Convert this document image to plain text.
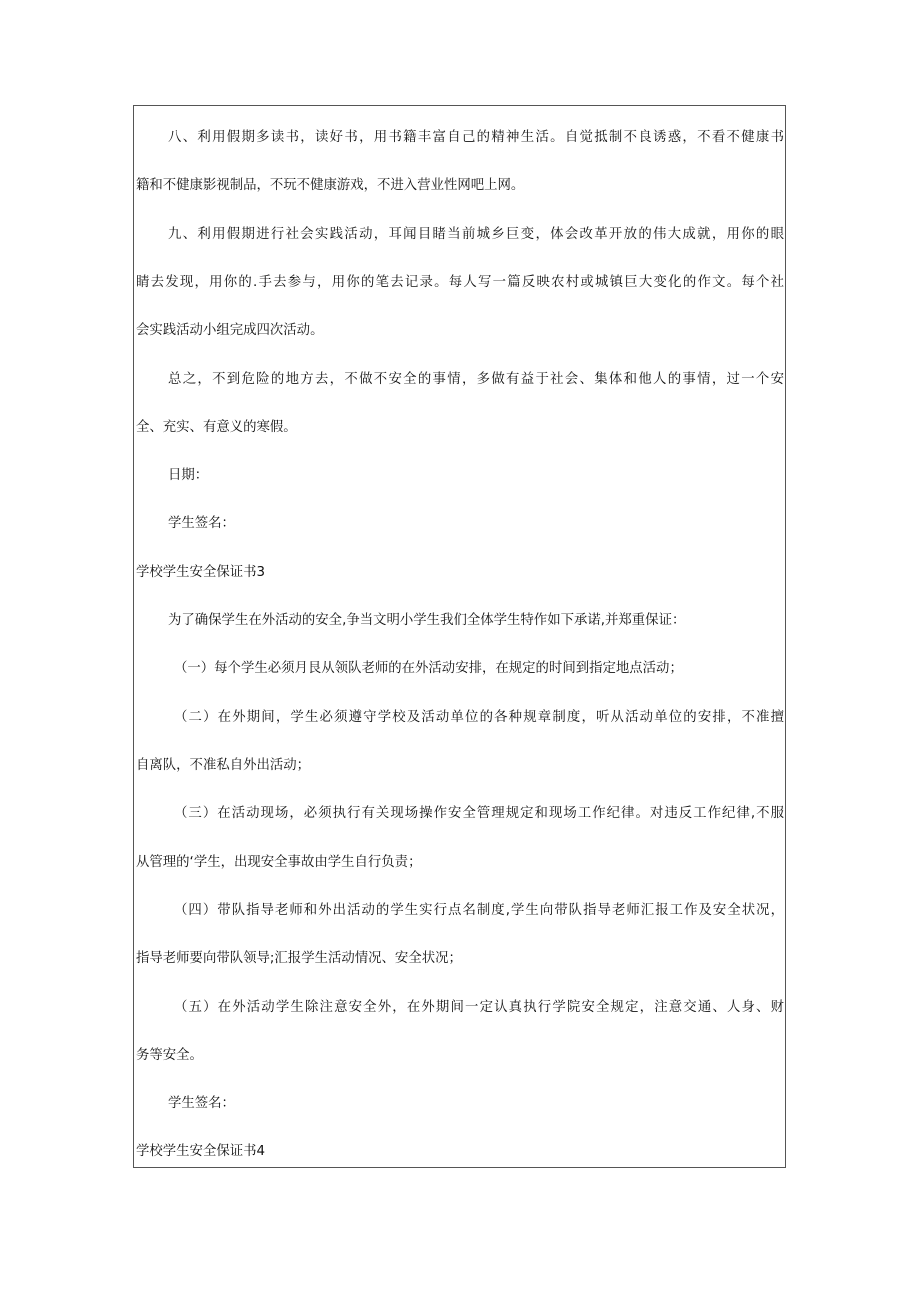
八、利用假期多读书，读好书，用书籍丰富自己的精神生活。自觉抵制不良诱惑，不看不健康书

籍和不健康影视制品，不玩不健康游戏，不进入营业性网吧上网。

九、利用假期进行社会实践活动，耳闻目睹当前城乡巨变，体会改革开放的伟大成就，用你的眼

睛去发现，用你的.手去参与，用你的笔去记录。每人写一篇反映农村或城镇巨大变化的作文。每个社

会实践活动小组完成四次活动。

总之，不到危险的地方去，不做不安全的事情，多做有益于社会、集体和他人的事情，过一个安

全、充实、有意义的寒假。

日期：

学生签名：

学校学生安全保证书3

为了确保学生在外活动的安全,争当文明小学生我们全体学生特作如下承诺,并郑重保证：

（一）每个学生必须月艮从领队老师的在外活动安排，在规定的时间到指定地点活动；

（二）在外期间，学生必须遵守学校及活动单位的各种规章制度，听从活动单位的安排，不准擅

自离队，不准私自外出活动；

（三）在活动现场，必须执行有关现场操作安全管理规定和现场工作纪律。对违反工作纪律,不服

从管理的‘学生，出现安全事故由学生自行负责；

（四）带队指导老师和外出活动的学生实行点名制度,学生向带队指导老师汇报工作及安全状况，

指导老师要向带队领导;汇报学生活动情况、安全状况；

（五）在外活动学生除注意安全外，在外期间一定认真执行学院安全规定，注意交通、人身、财

务等安全。

学生签名：

学校学生安全保证书4
